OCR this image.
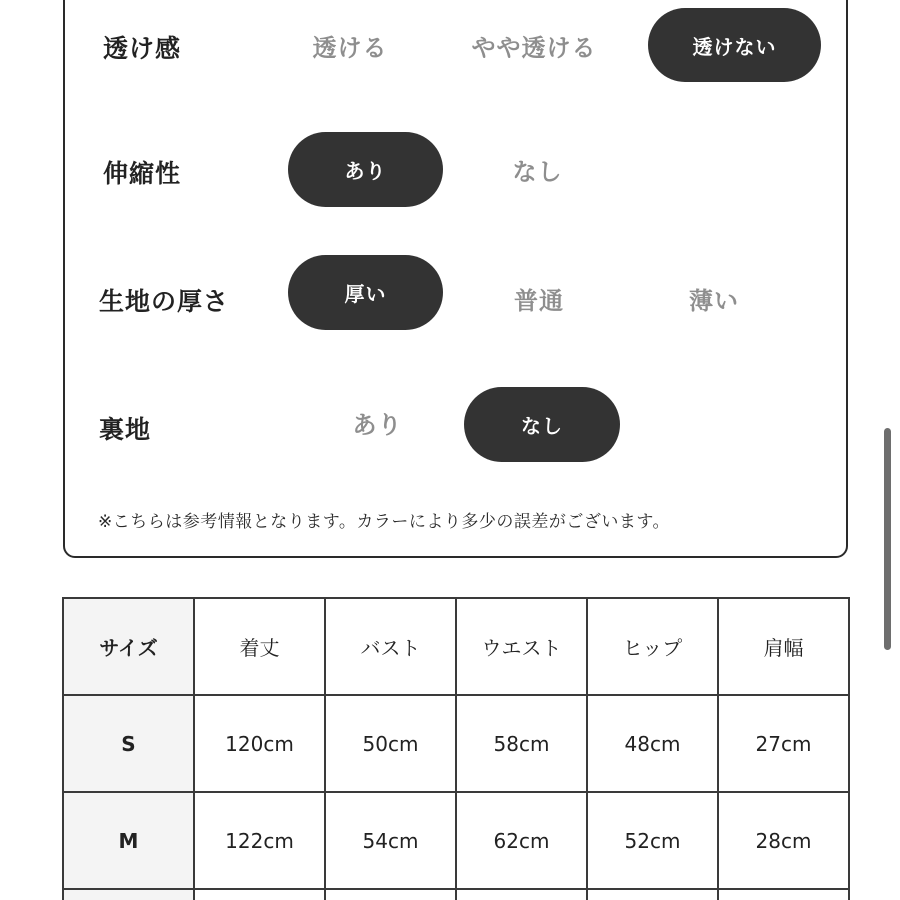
透け感	透ける	やや透ける	透けない
伸縮性	あり	なし
生地の厚さ	厚い	普通	薄い
裏地	あり	なし
※こちらは参考情報となります。カラーにより多少の誤差がございます。
サイズ	着丈	バスト	ウエスト	ヒップ	肩幅
S	120cm	50cm	58cm	48cm	27cm
M	122cm	54cm	62cm	52cm	28cm
